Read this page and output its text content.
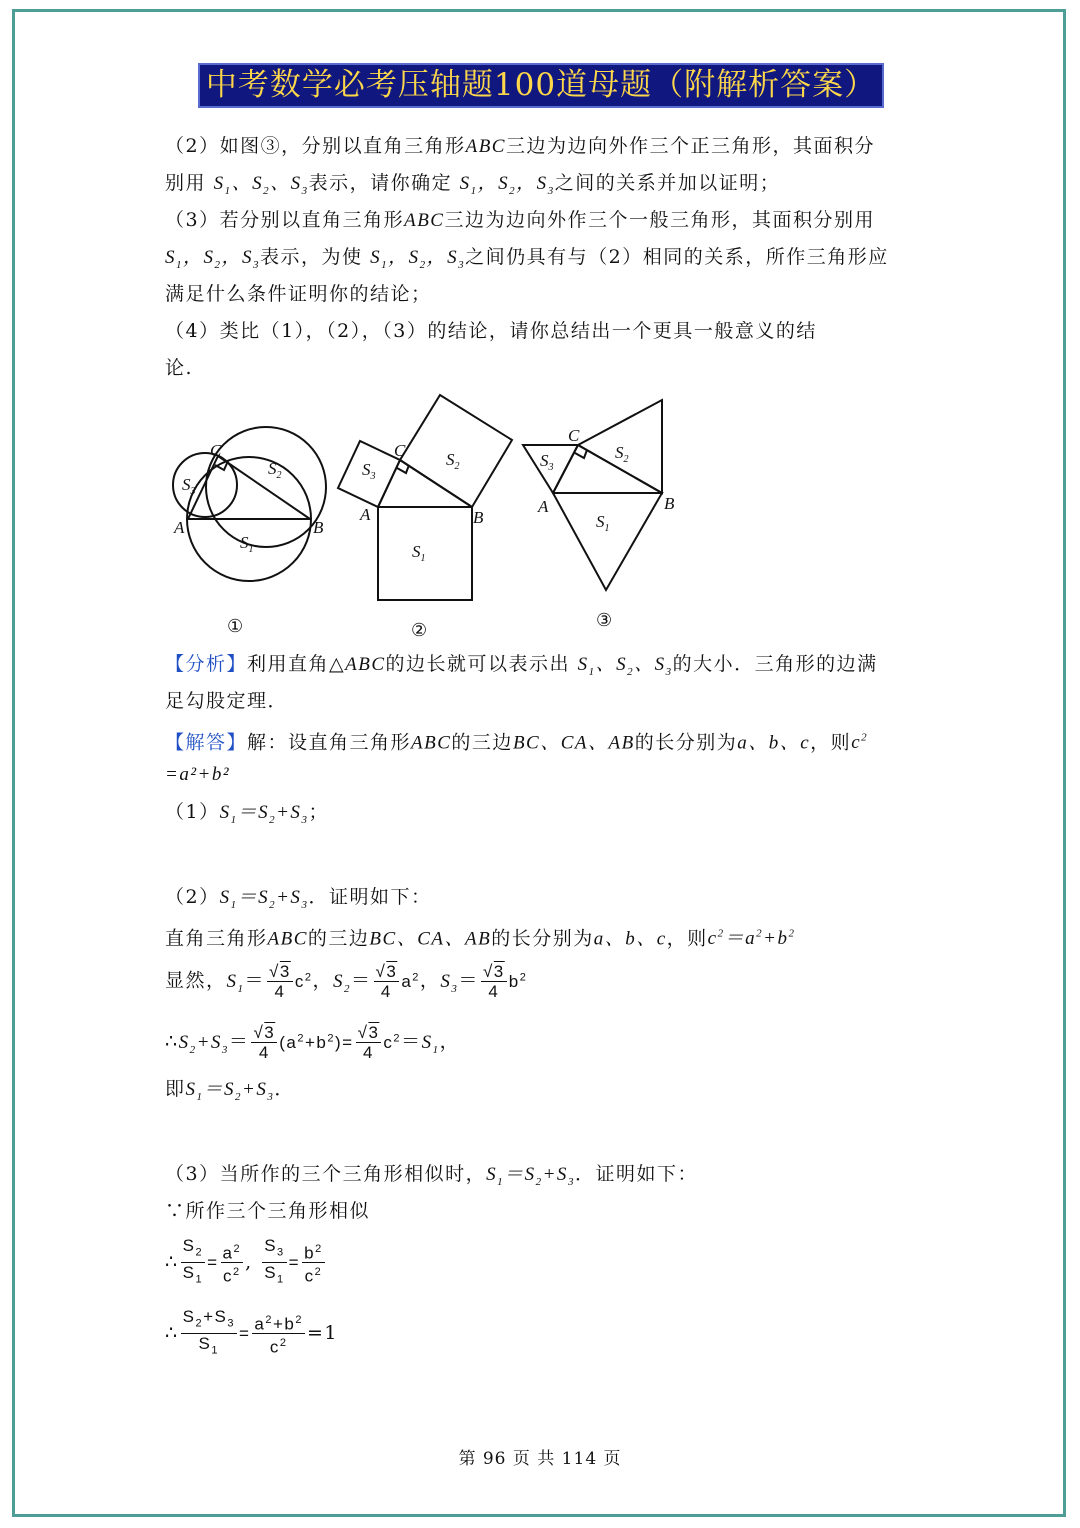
中考数学必考压轴题100道母题（附解析答案）
（2）如图③，分别以直角三角形ABC三边为边向外作三个正三角形，其面积分
别用 $S_1$、$S_2$、$S_3$表示，请你确定 $S_1$，$S_2$，$S_3$之间的关系并加以证明；
（3）若分别以直角三角形ABC三边为边向外作三个一般三角形，其面积分别用
$S_1$，$S_2$，$S_3$表示，为使 $S_1$，$S_2$，$S_3$之间仍具有与（2）相同的关系，所作三角形应
满足什么条件证明你的结论；
（4）类比（1），（2），（3）的结论，请你总结出一个更具一般意义的结
论.
【分析】利用直角△ABC的边长就可以表示出 $S_1$、$S_2$、$S_3$的大小．三角形的边满
足勾股定理．
【解答】解：设直角三角形ABC的三边BC、CA、AB的长分别为a、b、c，则$c^2$
=a²+b²
$(1)S_1=S_2+S_3$；
$(2)S_1=S_2+S_3$．证明如下：
直角三角形ABC的三边BC、CA、AB的长分别为a、b、c，则$c^2=a^2+b^2$
显然，$S_1= \frac{√3}{4} c^2$，$S_2= \frac{√3}{4} a^2$，$S_3= \frac{√3}{4} b^2$
$\therefore S_2+S_3= \frac{√3}{4} (a^2+b^2)= \frac{√3}{4} c^2=S_1$，
即$S_1=S_2+S_3$．
（3）当所作的三个三角形相似时，$S_1=S_2+S_3$．证明如下：
∵所作三个三角形相似
∴ $\frac{S_2}{S_1} = \frac{a^2}{c^2}$ , $\frac{S_3}{S_1} = \frac{b^2}{c^2}$
∴ $\frac{S_2+S_3}{S_1} = \frac{a^2+b^2}{c^2} =1$
A	B
C
$S_1$
$S_2$
$S_3$
A	B
C
$S_1$
$S_2$
$S_3$
A	B
C
$S_1$
$S_2$
$S_3$
①	②	③
第 96 页 共 114 页
